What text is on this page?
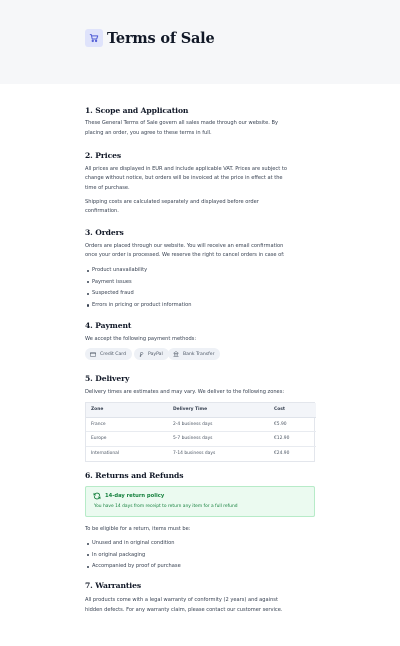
Terms of Sale
1. Scope and Application

These General Terms of Sale govern all sales made through our website. By

placing an order, you agree to these terms in full.

2. Prices

All prices are displayed in EUR and include applicable VAT. Prices are subject to

change without notice, but orders will be invoiced at the price in effect at the

time of purchase.

Shipping costs are calculated separately and displayed before order

confirmation.

3. Orders

Orders are placed through our website. You will receive an email confirmation

once your order is processed. We reserve the right to cancel orders in case of:

Product unavailability
Payment issues
Suspected fraud
Errors in pricing or product information
4. Payment

We accept the following payment methods:

Credit Card	PayPal	Bank Transfer
5. Delivery

Delivery times are estimates and may vary. We deliver to the following zones:

Zone	Delivery Time	Cost
France	2-4 business days	€5.90
Europe	5-7 business days	€12.90
International	7-14 business days	€24.90
6. Returns and Refunds
14-day return policy
You have 14 days from receipt to return any item for a full refund

To be eligible for a return, items must be:

Unused and in original condition
In original packaging
Accompanied by proof of purchase
7. Warranties

All products come with a legal warranty of conformity (2 years) and against

hidden defects. For any warranty claim, please contact our customer service.
